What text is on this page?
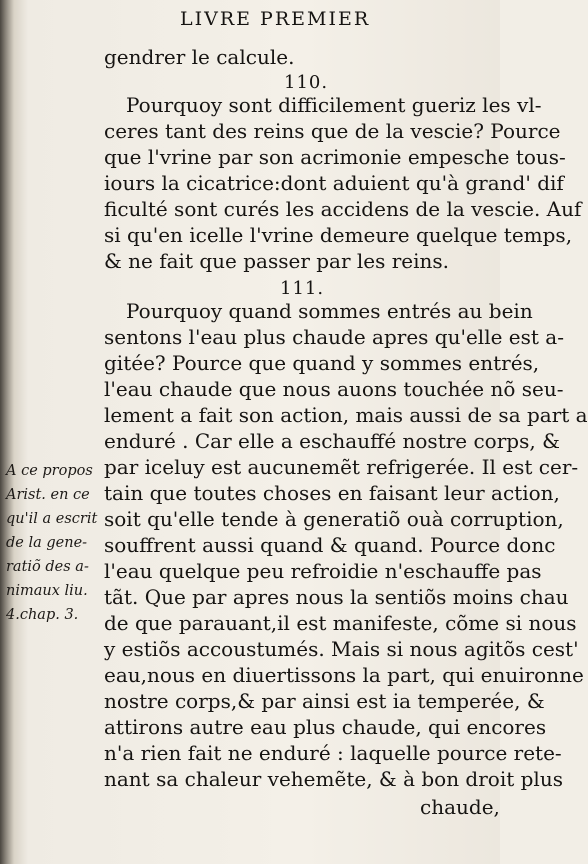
LIVRE PREMIER
gendrer le calcule.
110.
Pourquoy sont difficilement gueriz les vl-
ceres tant des reins que de la vescie? Pource
que l'vrine par son acrimonie empesche tous-
iours la cicatrice:dont aduient qu'à grand' dif
ficulté sont curés les accidens de la vescie. Auf
si qu'en icelle l'vrine demeure quelque temps,
& ne fait que passer par les reins.
111.
Pourquoy quand sommes entrés au bein
sentons l'eau plus chaude apres qu'elle est a-
gitée? Pource que quand y sommes entrés,
l'eau chaude que nous auons touchée nõ seu-
lement a fait son action, mais aussi de sa part a
enduré . Car elle a eschauffé nostre corps, &
par iceluy est aucunemẽt refrigerée. Il est cer-
tain que toutes choses en faisant leur action,
soit qu'elle tende à generatiõ ouà corruption,
souffrent aussi quand & quand. Pource donc
l'eau quelque peu refroidie n'eschauffe pas
tãt. Que par apres nous la sentiõs moins chau
de que parauant,il est manifeste, cõme si nous
y estiõs accoustumés. Mais si nous agitõs cest'
eau,nous en diuertissons la part, qui enuironne
nostre corps,& par ainsi est ia temperée, &
attirons autre eau plus chaude, qui encores
n'a rien fait ne enduré : laquelle pource rete-
nant sa chaleur vehemẽte, & à bon droit plus
chaude,
A ce propos
Arist. en ce
qu'il a escrit
de la gene-
ratiõ des a-
nimaux liu.
4.chap. 3.
